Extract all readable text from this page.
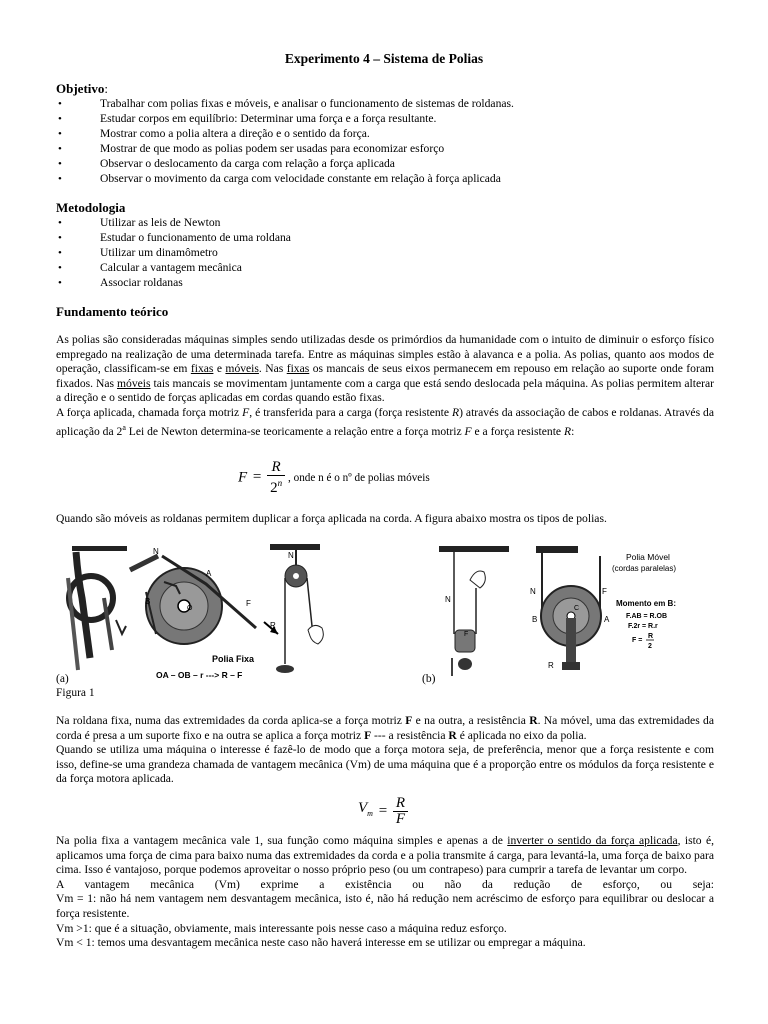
Experimento 4 – Sistema de Polias
Objetivo:
• Trabalhar com polias fixas e móveis, e analisar o funcionamento de sistemas de roldanas.
• Estudar corpos em equilíbrio: Determinar uma força e a força resultante.
• Mostrar como a polia altera a direção e o sentido da força.
• Mostrar de que modo as polias podem ser usadas para economizar esforço
• Observar o deslocamento da carga com relação a força aplicada
• Observar o movimento da carga com velocidade constante em relação à força aplicada
Metodologia
• Utilizar as leis de Newton
• Estudar o funcionamento de uma roldana
• Utilizar um dinamômetro
• Calcular a vantagem mecânica
• Associar roldanas
Fundamento teórico

As polias são consideradas máquinas simples sendo utilizadas desde os primórdios da humanidade com o intuito de diminuir o esforço físico empregado na realização de uma determinada tarefa. Entre as máquinas simples estão à alavanca e a polia. As polias, quanto aos modos de operação, classificam-se em fixas e móveis. Nas fixas os mancais de seus eixos permanecem em repouso em relação ao suporte onde foram fixados. Nas móveis tais mancais se movimentam juntamente com a carga que está sendo deslocada pela máquina. As polias permitem alterar a direção e o sentido de forças aplicadas em cordas quando estão fixas.

A força aplicada, chamada força motriz F, é transferida para a carga (força resistente R) através da associação de cabos e roldanas. Através da aplicação da 2$^a$ Lei de Newton determina-se teoricamente a relação entre a força motriz F e a força resistente R:

$F = \frac{R}{2^n}$ , onde n é o nº de polias móveis
Quando são móveis as roldanas permitem duplicar a força aplicada na corda. A figura abaixo mostra os tipos de polias.
N
A
B
O
F
R
Polia Fixa
OA – OB – r ---> R – F
N
N
F
N	F
B	A
C
R
Polia Móvel
(cordas paralelas)
Momento em B:
F.AB = R.OB
F.2r = R.r
F =
R
2
(a)	(b)
Figura 1

Na roldana fixa, numa das extremidades da corda aplica-se a força motriz F e na outra, a resistência R. Na móvel, uma das extremidades da corda é presa a um suporte fixo e na outra se aplica a força motriz F --- a resistência R é aplicada no eixo da polia.

Quando se utiliza uma máquina o interesse é fazê-lo de modo que a força motora seja, de preferência, menor que a força resistente e com isso, define-se uma grandeza chamada de vantagem mecânica (Vm) de uma máquina que é a proporção entre os módulos da força resistente e da força motora aplicada.

$V_m = \frac{R}{F}$

Na polia fixa a vantagem mecânica vale 1, sua função como máquina simples e apenas a de inverter o sentido da força aplicada, isto é, aplicamos uma força de cima para baixo numa das extremidades da corda e a polia transmite á carga, para levantá-la, uma força de baixo para cima. Isso é vantajoso, porque podemos aproveitar o nosso próprio peso (ou um contrapeso) para cumprir a tarefa de levantar um corpo.

A vantagem mecânica (Vm) exprime a existência ou não da redução de esforço, ou seja:

Vm = 1: não há nem vantagem nem desvantagem mecânica, isto é, não há redução nem acréscimo de esforço para equilibrar ou deslocar a força resistente.

Vm >1: que é a situação, obviamente, mais interessante pois nesse caso a máquina reduz esforço.

Vm < 1: temos uma desvantagem mecânica neste caso não haverá interesse em se utilizar ou empregar a máquina.
